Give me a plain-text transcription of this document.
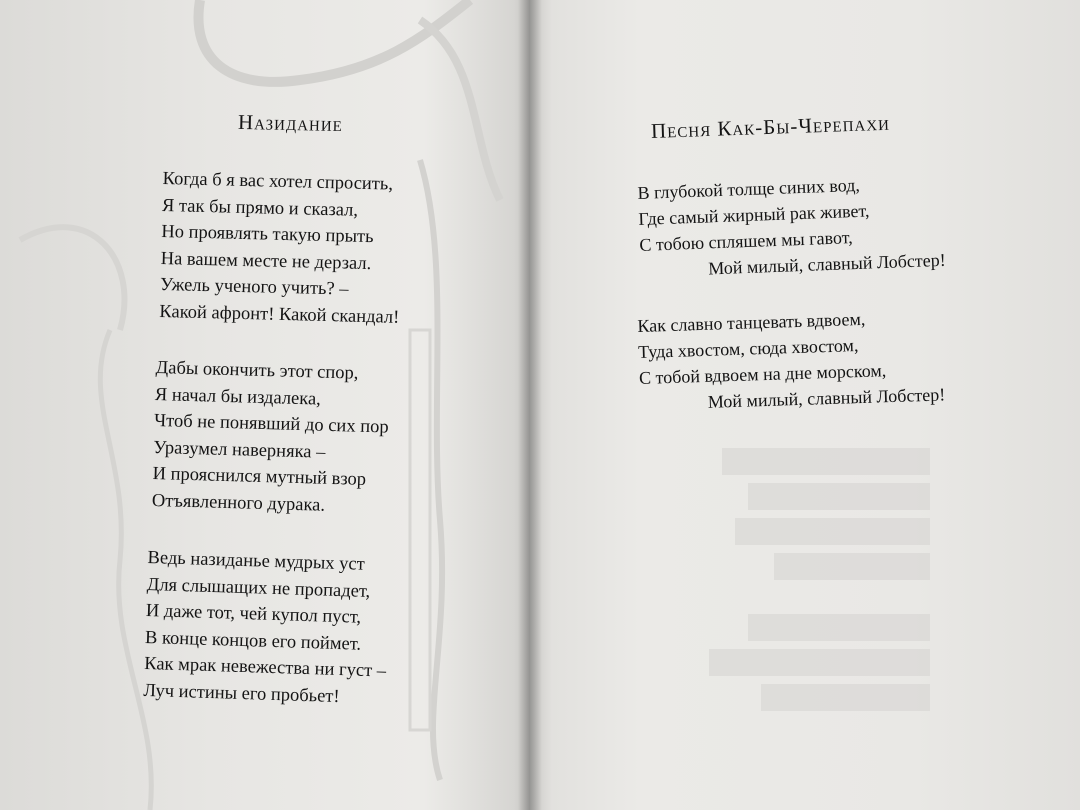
Назидание
Когда б я вас хотел спросить,
Я так бы прямо и сказал,
Но проявлять такую прыть
На вашем месте не дерзал.
Ужель ученого учить? –
Какой афронт! Какой скандал!
Дабы окончить этот спор,
Я начал бы издалека,
Чтоб не понявший до сих пор
Уразумел наверняка –
И прояснился мутный взор
Отъявленного дурака.
Ведь назиданье мудрых уст
Для слышащих не пропадет,
И даже тот, чей купол пуст,
В конце концов его поймет.
Как мрак невежества ни густ –
Луч истины его пробьет!
Песня Как-Бы-Черепахи
В глубокой толще синих вод,
Где самый жирный рак живет,
С тобою спляшем мы гавот,
Мой милый, славный Лобстер!
Как славно танцевать вдвоем,
Туда хвостом, сюда хвостом,
С тобой вдвоем на дне морском,
Мой милый, славный Лобстер!
